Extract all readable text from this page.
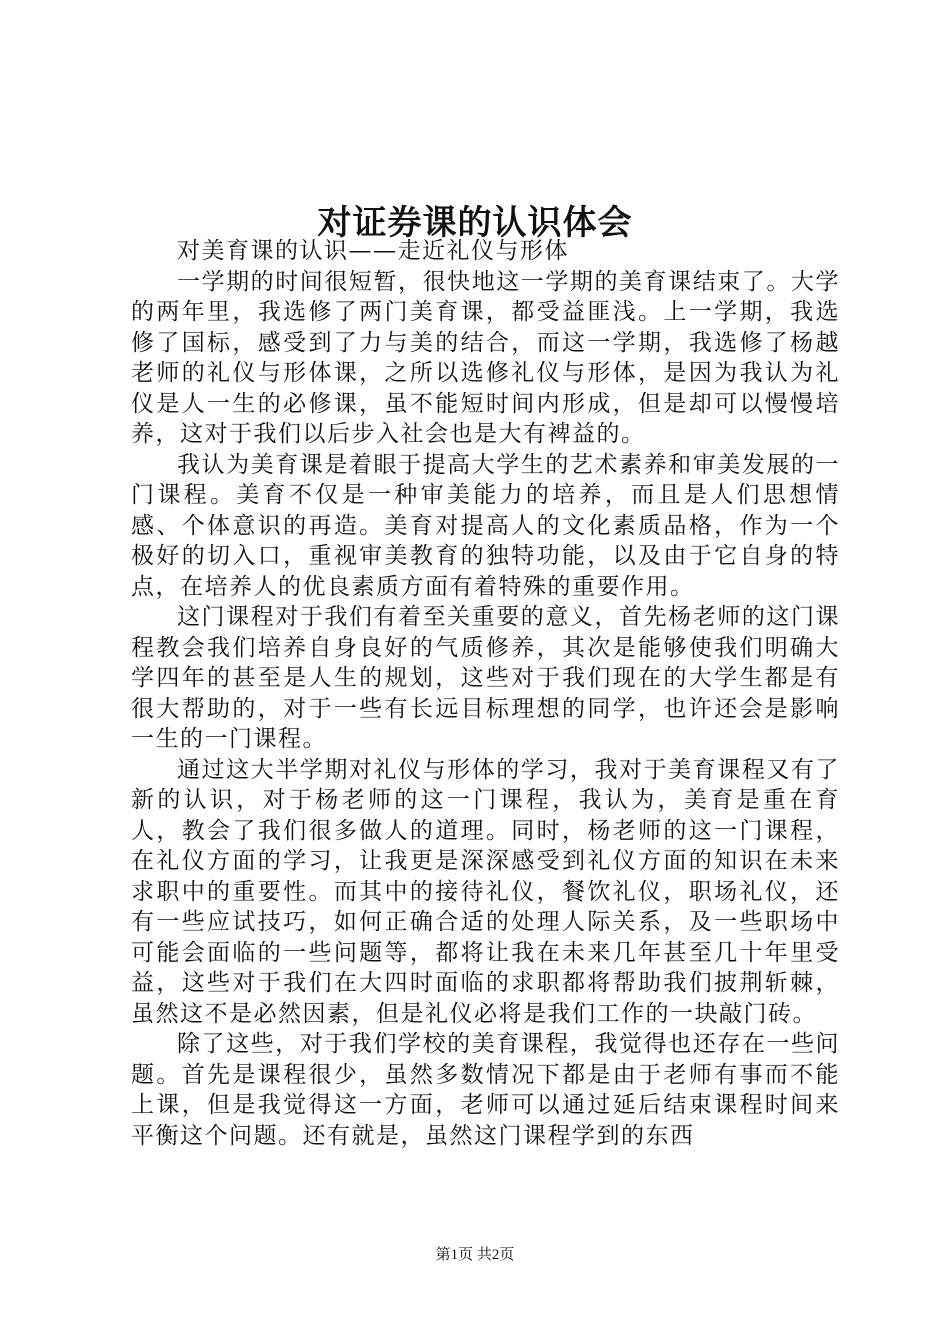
对证券课的认识体会

对美育课的认识——走近礼仪与形体

一学期的时间很短暂，很快地这一学期的美育课结束了。大学的两年里，我选修了两门美育课，都受益匪浅。上一学期，我选修了国标，感受到了力与美的结合，而这一学期，我选修了杨越老师的礼仪与形体课，之所以选修礼仪与形体，是因为我认为礼仪是人一生的必修课，虽不能短时间内形成，但是却可以慢慢培养，这对于我们以后步入社会也是大有裨益的。

我认为美育课是着眼于提高大学生的艺术素养和审美发展的一门课程。美育不仅是一种审美能力的培养，而且是人们思想情感、个体意识的再造。美育对提高人的文化素质品格，作为一个极好的切入口，重视审美教育的独特功能，以及由于它自身的特点，在培养人的优良素质方面有着特殊的重要作用。

这门课程对于我们有着至关重要的意义，首先杨老师的这门课程教会我们培养自身良好的气质修养，其次是能够使我们明确大学四年的甚至是人生的规划，这些对于我们现在的大学生都是有很大帮助的，对于一些有长远目标理想的同学，也许还会是影响一生的一门课程。

通过这大半学期对礼仪与形体的学习，我对于美育课程又有了新的认识，对于杨老师的这一门课程，我认为，美育是重在育人，教会了我们很多做人的道理。同时，杨老师的这一门课程，在礼仪方面的学习，让我更是深深感受到礼仪方面的知识在未来求职中的重要性。而其中的接待礼仪，餐饮礼仪，职场礼仪，还有一些应试技巧，如何正确合适的处理人际关系，及一些职场中可能会面临的一些问题等，都将让我在未来几年甚至几十年里受益，这些对于我们在大四时面临的求职都将帮助我们披荆斩棘，虽然这不是必然因素，但是礼仪必将是我们工作的一块敲门砖。

除了这些，对于我们学校的美育课程，我觉得也还存在一些问题。首先是课程很少，虽然多数情况下都是由于老师有事而不能上课，但是我觉得这一方面，老师可以通过延后结束课程时间来平衡这个问题。还有就是，虽然这门课程学到的东西

第1页 共2页
